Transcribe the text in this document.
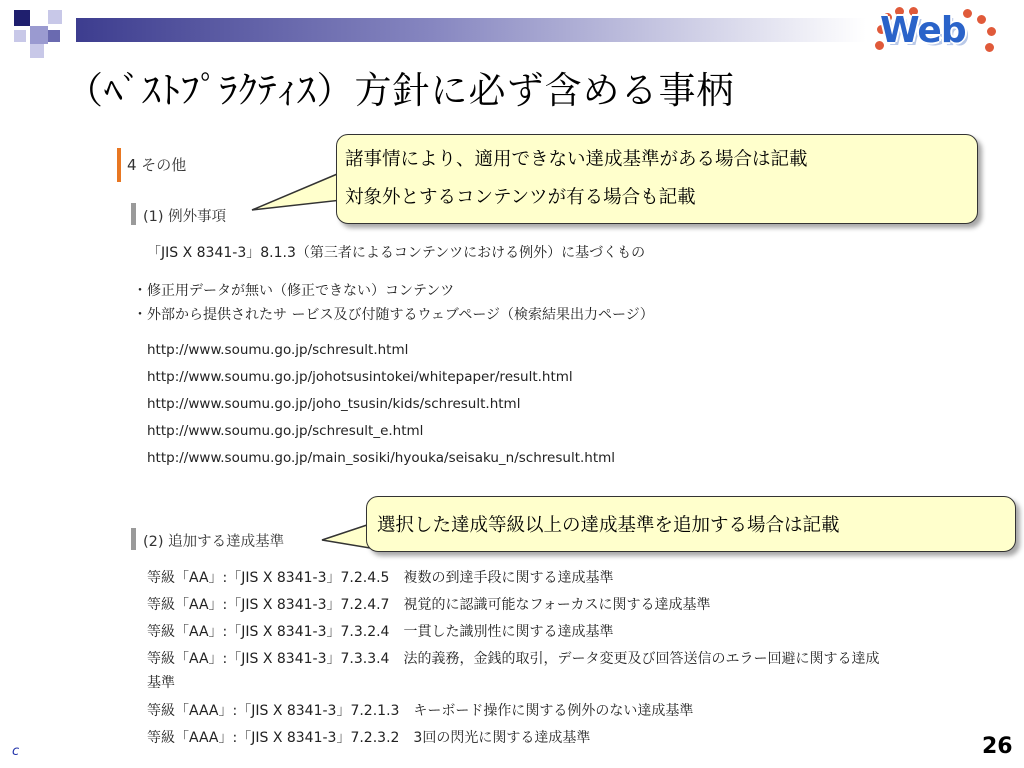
Web
（ﾍﾞｽﾄﾌﾟﾗｸﾃｨｽ）方針に必ず含める事柄
4 その他
(1) 例外事項
「JIS X 8341-3」8.1.3（第三者によるコンテンツにおける例外）に基づくもの
・修正用データが無い（修正できない）コンテンツ
・外部から提供されたサ ービス及び付随するウェブページ（検索結果出力ページ）
http://www.soumu.go.jp/schresult.html
http://www.soumu.go.jp/johotsusintokei/whitepaper/result.html
http://www.soumu.go.jp/joho_tsusin/kids/schresult.html
http://www.soumu.go.jp/schresult_e.html
http://www.soumu.go.jp/main_sosiki/hyouka/seisaku_n/schresult.html
(2) 追加する達成基準
等級「AA」:「JIS X 8341-3」7.2.4.5　複数の到達手段に関する達成基準
等級「AA」:「JIS X 8341-3」7.2.4.7　視覚的に認識可能なフォーカスに関する達成基準
等級「AA」:「JIS X 8341-3」7.3.2.4　一貫した識別性に関する達成基準
等級「AA」:「JIS X 8341-3」7.3.3.4　法的義務，金銭的取引，データ変更及び回答送信のエラー回避に関する達成
基準
等級「AAA」:「JIS X 8341-3」7.2.1.3　キーボード操作に関する例外のない達成基準
等級「AAA」:「JIS X 8341-3」7.2.3.2　3回の閃光に関する達成基準
諸事情により、適用できない達成基準がある場合は記載
対象外とするコンテンツが有る場合も記載
選択した達成等級以上の達成基準を追加する場合は記載
c	26
